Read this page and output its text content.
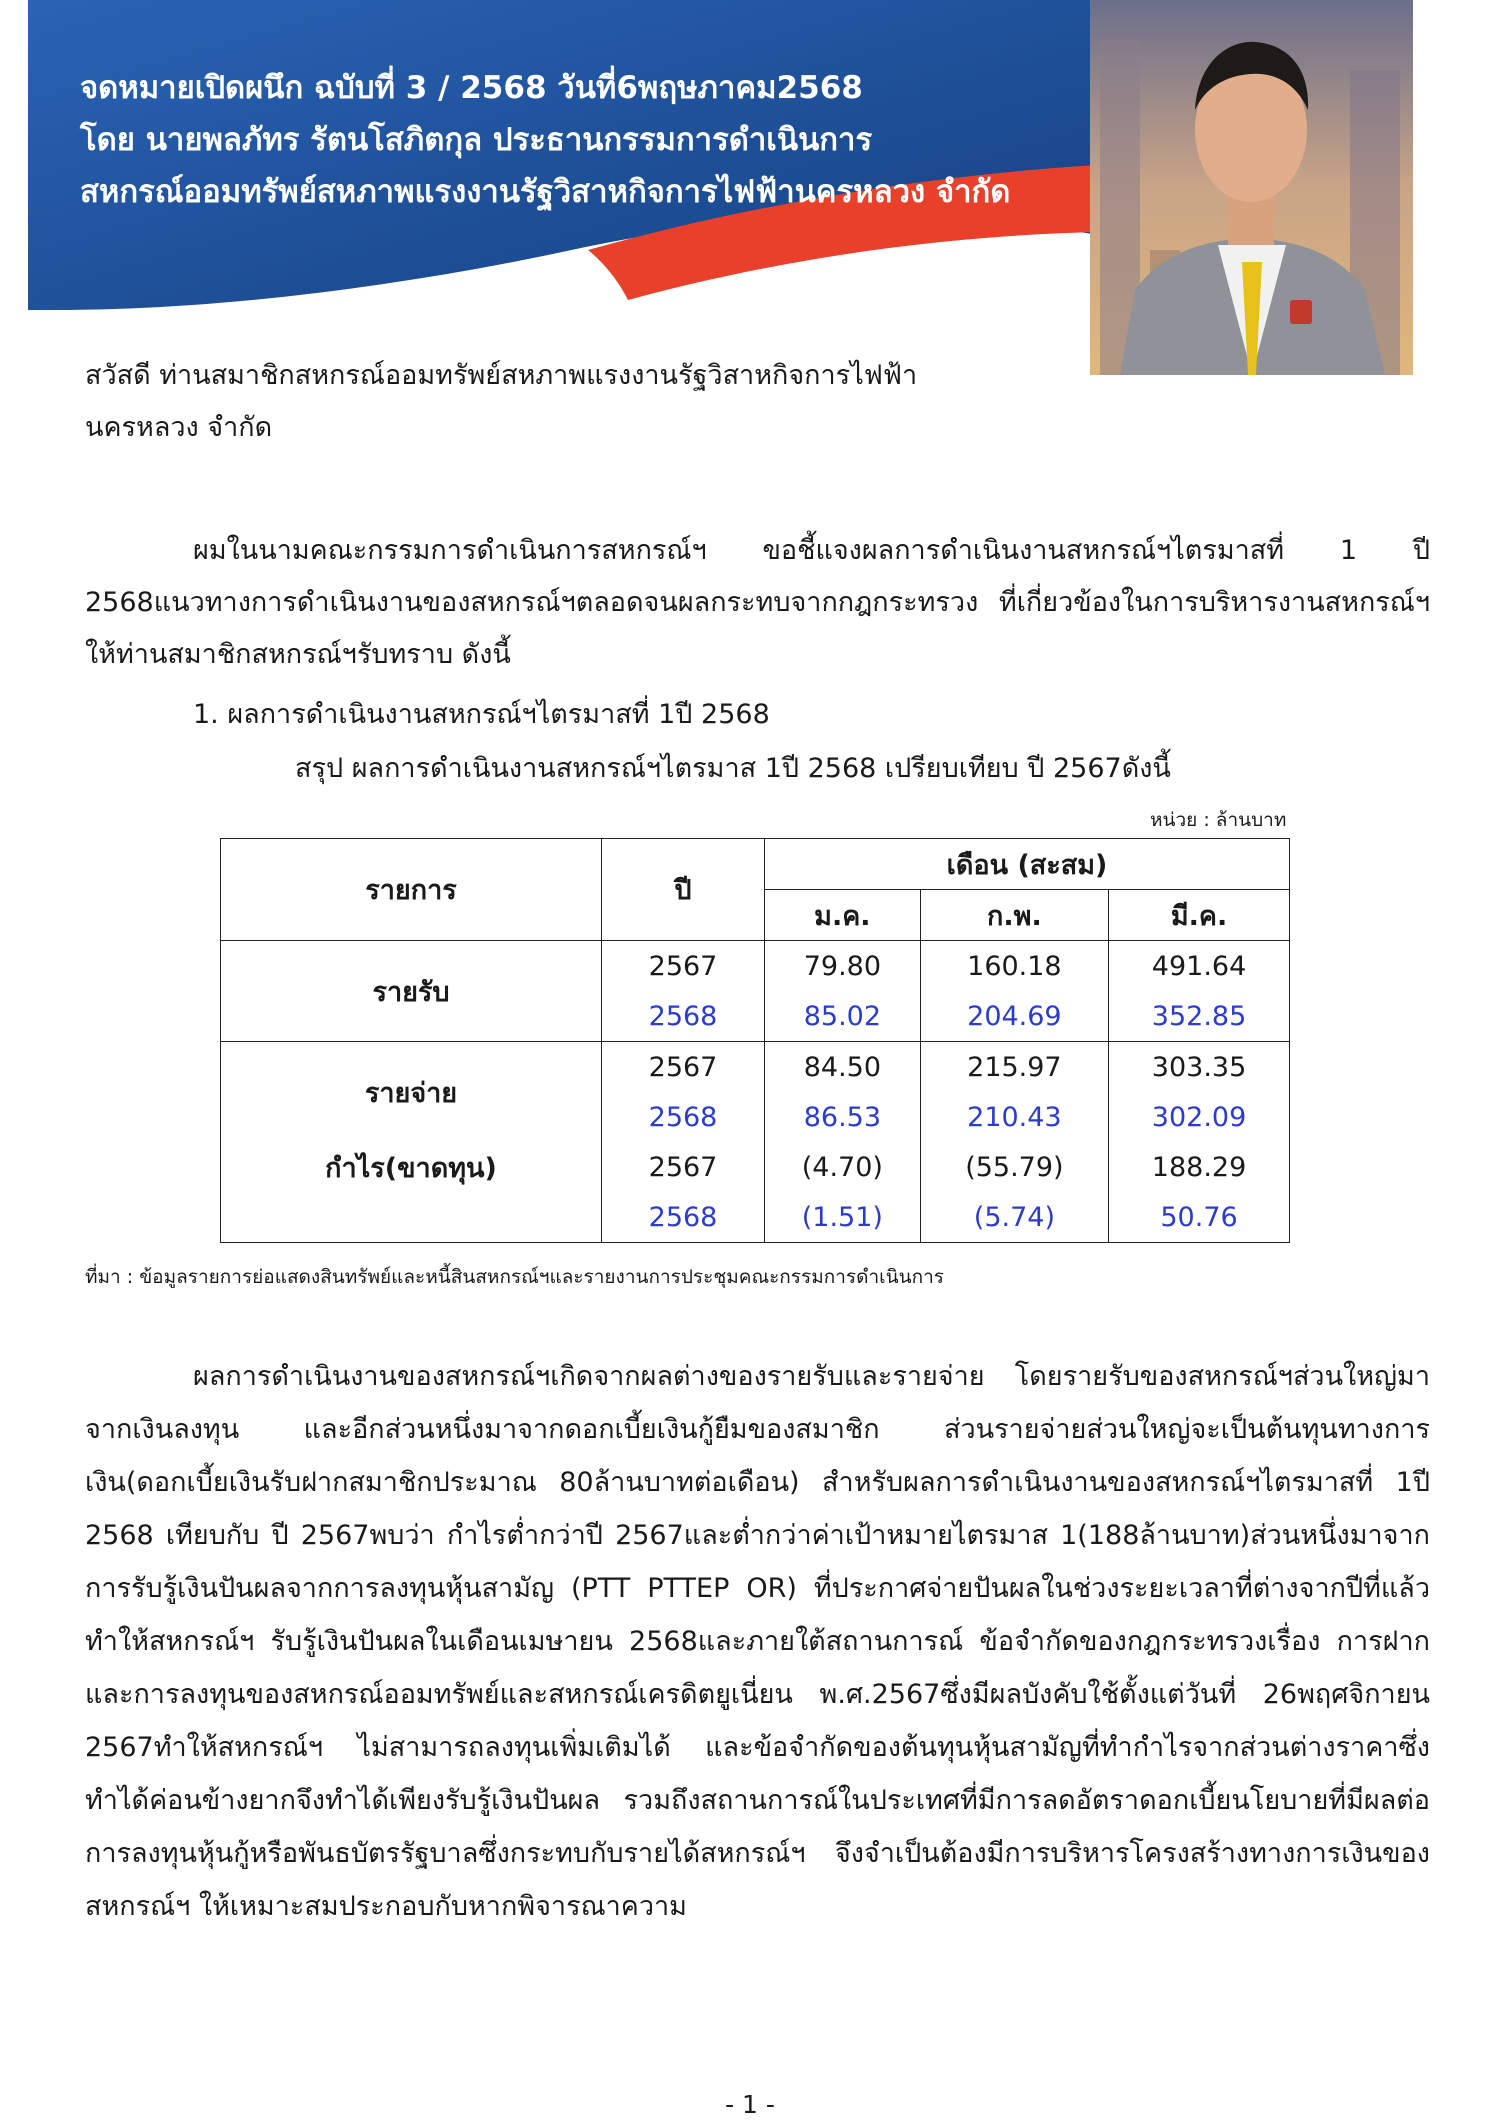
จดหมายเปิดผนึก ฉบับที่ 3 / 2568 วันที่6พฤษภาคม2568
โดย นายพลภัทร รัตนโสภิตกุล ประธานกรรมการดำเนินการ
สหกรณ์ออมทรัพย์สหภาพแรงงานรัฐวิสาหกิจการไฟฟ้านครหลวง จำกัด
สวัสดี ท่านสมาชิกสหกรณ์ออมทรัพย์สหภาพแรงงานรัฐวิสาหกิจการไฟฟ้า
นครหลวง จำกัด

ผมในนามคณะกรรมการดำเนินการสหกรณ์ฯ ขอชี้แจงผลการดำเนินงานสหกรณ์ฯไตรมาสที่ 1 ปี 2568แนวทางการดำเนินงานของสหกรณ์ฯตลอดจนผลกระทบจากกฎกระทรวง ที่เกี่ยวข้องในการบริหารงานสหกรณ์ฯให้ท่านสมาชิกสหกรณ์ฯรับทราบ ดังนี้

1. ผลการดำเนินงานสหกรณ์ฯไตรมาสที่ 1ปี 2568
สรุป ผลการดำเนินงานสหกรณ์ฯไตรมาส 1ปี 2568 เปรียบเทียบ ปี 2567ดังนี้
หน่วย : ล้านบาท
รายการ	ปี	เดือน (สะสม)		
		ม.ค.	ก.พ.	มี.ค.
รายรับ	2567	79.80	160.18	491.64
	2568	85.02	204.69	352.85
รายจ่าย	2567	84.50	215.97	303.35
	2568	86.53	210.43	302.09
กำไร(ขาดทุน)	2567	(4.70)	(55.79)	188.29
	2568	(1.51)	(5.74)	50.76
ที่มา : ข้อมูลรายการย่อแสดงสินทรัพย์และหนี้สินสหกรณ์ฯและรายงานการประชุมคณะกรรมการดำเนินการ

ผลการดำเนินงานของสหกรณ์ฯเกิดจากผลต่างของรายรับและรายจ่าย โดยรายรับของสหกรณ์ฯส่วนใหญ่มาจากเงินลงทุน และอีกส่วนหนึ่งมาจากดอกเบี้ยเงินกู้ยืมของสมาชิก ส่วนรายจ่ายส่วนใหญ่จะเป็นต้นทุนทางการเงิน(ดอกเบี้ยเงินรับฝากสมาชิกประมาณ 80ล้านบาทต่อเดือน) สำหรับผลการดำเนินงานของสหกรณ์ฯไตรมาสที่ 1ปี 2568 เทียบกับ ปี 2567พบว่า กำไรต่ำกว่าปี 2567และต่ำกว่าค่าเป้าหมายไตรมาส 1(188ล้านบาท)ส่วนหนึ่งมาจากการรับรู้เงินปันผลจากการลงทุนหุ้นสามัญ (PTT PTTEP OR) ที่ประกาศจ่ายปันผลในช่วงระยะเวลาที่ต่างจากปีที่แล้วทำให้สหกรณ์ฯ รับรู้เงินปันผลในเดือนเมษายน 2568และภายใต้สถานการณ์ ข้อจำกัดของกฎกระทรวงเรื่อง การฝากและการลงทุนของสหกรณ์ออมทรัพย์และสหกรณ์เครดิตยูเนี่ยน พ.ศ.2567ซึ่งมีผลบังคับใช้ตั้งแต่วันที่ 26พฤศจิกายน 2567ทำให้สหกรณ์ฯ ไม่สามารถลงทุนเพิ่มเติมได้ และข้อจำกัดของต้นทุนหุ้นสามัญที่ทำกำไรจากส่วนต่างราคาซึ่งทำได้ค่อนข้างยากจึงทำได้เพียงรับรู้เงินปันผล รวมถึงสถานการณ์ในประเทศที่มีการลดอัตราดอกเบี้ยนโยบายที่มีผลต่อการลงทุนหุ้นกู้หรือพันธบัตรรัฐบาลซึ่งกระทบกับรายได้สหกรณ์ฯ จึงจำเป็นต้องมีการบริหารโครงสร้างทางการเงินของสหกรณ์ฯ ให้เหมาะสมประกอบกับหากพิจารณาความ

- 1 -
